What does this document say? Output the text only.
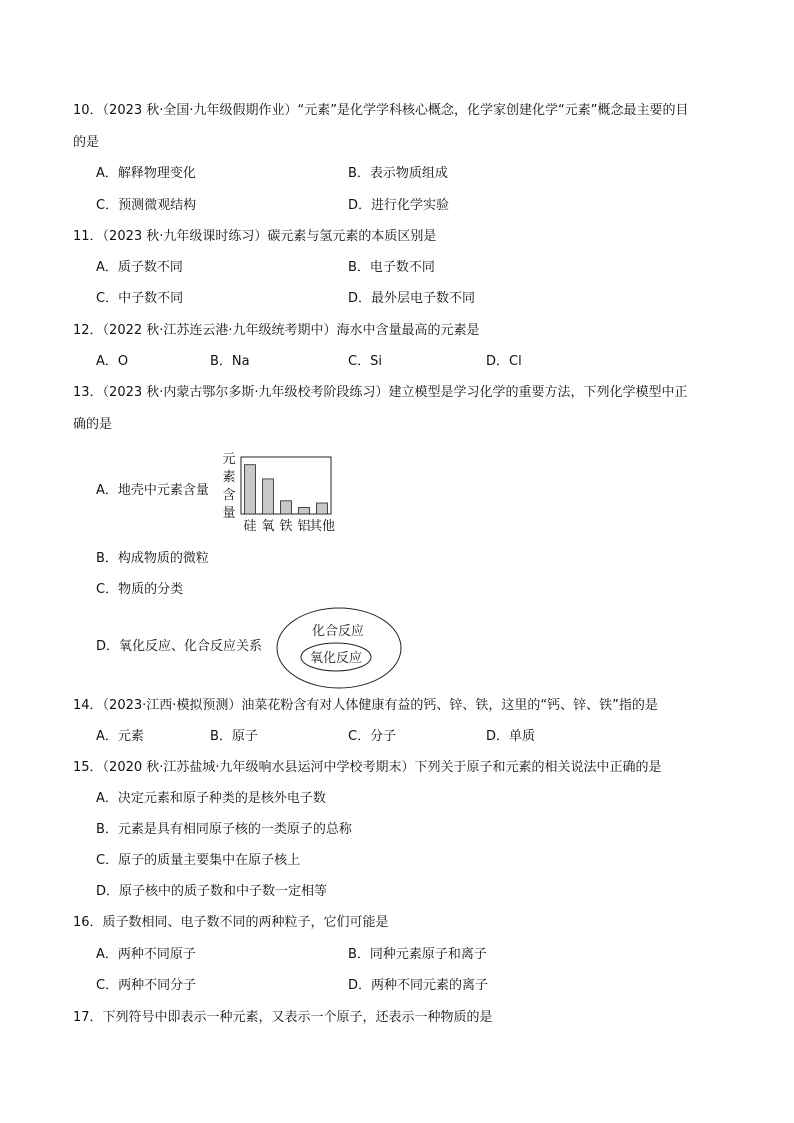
10．（2023 秋·全国·九年级假期作业）“元素”是化学学科核心概念，化学家创建化学“元素”概念最主要的目
的是
A．解释物理变化	B．表示物质组成
C．预测微观结构	D．进行化学实验
11．（2023 秋·九年级课时练习）碳元素与氢元素的本质区别是
A．质子数不同	B．电子数不同
C．中子数不同	D．最外层电子数不同
12．（2022 秋·江苏连云港·九年级统考期中）海水中含量最高的元素是
A．O	B．Na	C．Si	D．Cl
13．（2023 秋·内蒙古鄂尔多斯·九年级校考阶段练习）建立模型是学习化学的重要方法，下列化学模型中正
确的是
A．地壳中元素含量
元
素
含
量
硅 氧 铁 铝
其他
B．构成物质的微粒
C．物质的分类
D．氧化反应、化合反应关系
化合反应
氧化反应
14．（2023·江西·模拟预测）油菜花粉含有对人体健康有益的钙、锌、铁，这里的“钙、锌、铁”指的是
A．元素	B．原子	C．分子	D．单质
15．（2020 秋·江苏盐城·九年级响水县运河中学校考期末）下列关于原子和元素的相关说法中正确的是
A．决定元素和原子种类的是核外电子数
B．元素是具有相同原子核的一类原子的总称
C．原子的质量主要集中在原子核上
D．原子核中的质子数和中子数一定相等
16．质子数相同、电子数不同的两种粒子，它们可能是
A．两种不同原子	B．同种元素原子和离子
C．两种不同分子	D．两种不同元素的离子
17．下列符号中即表示一种元素，又表示一个原子，还表示一种物质的是
